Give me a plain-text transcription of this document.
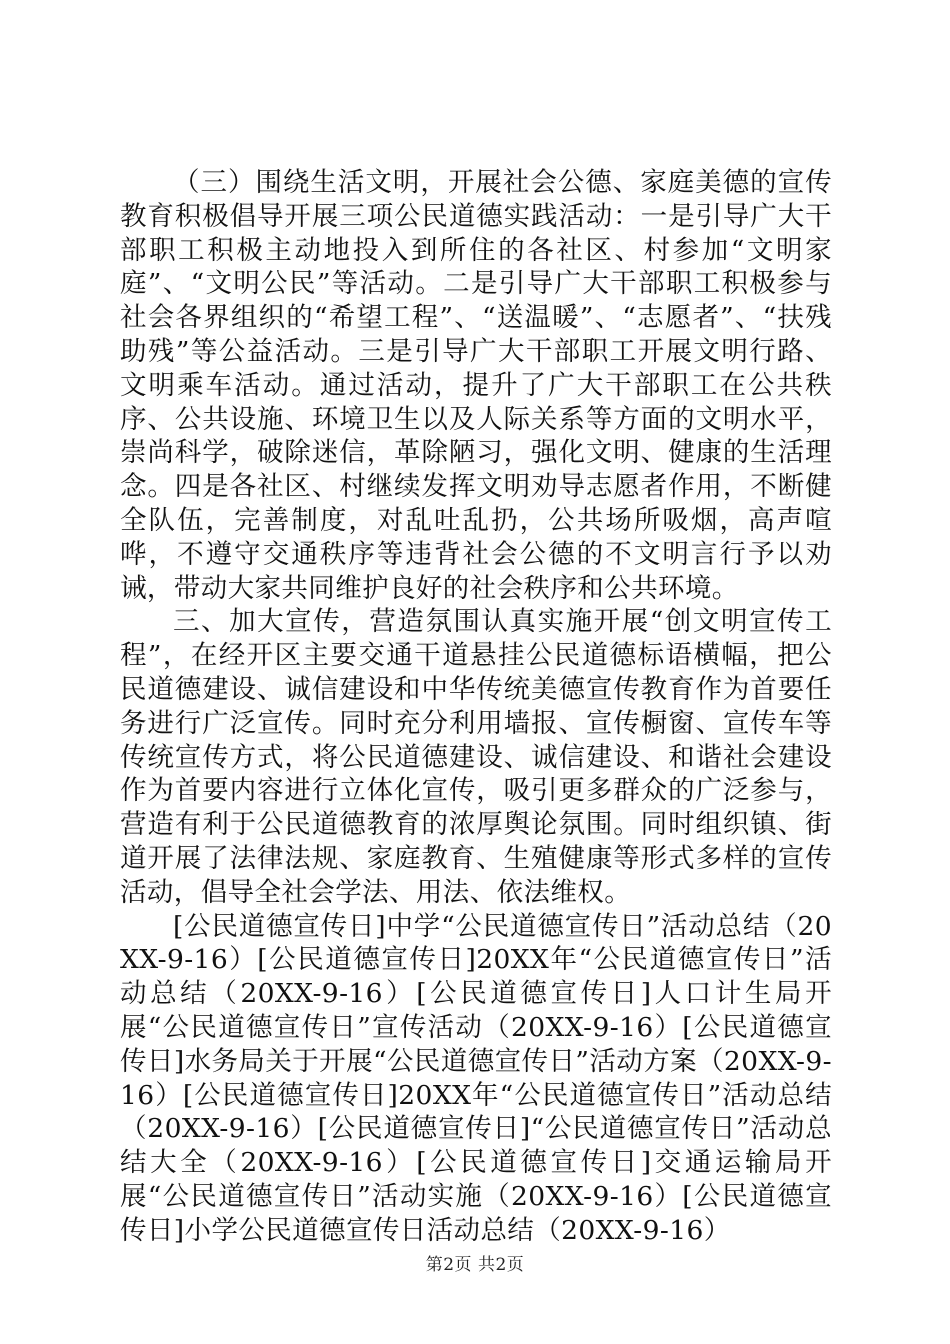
（三）围绕生活文明，开展社会公德、家庭美德的宣传教育积极倡导开展三项公民道德实践活动：一是引导广大干部职工积极主动地投入到所住的各社区、村参加“文明家庭”、“文明公民”等活动。二是引导广大干部职工积极参与社会各界组织的“希望工程”、“送温暖”、“志愿者”、“扶残助残”等公益活动。三是引导广大干部职工开展文明行路、文明乘车活动。通过活动，提升了广大干部职工在公共秩序、公共设施、环境卫生以及人际关系等方面的文明水平，崇尚科学，破除迷信，革除陋习，强化文明、健康的生活理念。四是各社区、村继续发挥文明劝导志愿者作用，不断健全队伍，完善制度，对乱吐乱扔，公共场所吸烟，高声喧哗，不遵守交通秩序等违背社会公德的不文明言行予以劝诫，带动大家共同维护良好的社会秩序和公共环境。

三、加大宣传，营造氛围认真实施开展“创文明宣传工程”，在经开区主要交通干道悬挂公民道德标语横幅，把公民道德建设、诚信建设和中华传统美德宣传教育作为首要任务进行广泛宣传。同时充分利用墙报、宣传橱窗、宣传车等传统宣传方式，将公民道德建设、诚信建设、和谐社会建设作为首要内容进行立体化宣传，吸引更多群众的广泛参与，营造有利于公民道德教育的浓厚舆论氛围。同时组织镇、街道开展了法律法规、家庭教育、生殖健康等形式多样的宣传活动，倡导全社会学法、用法、依法维权。

[公民道德宣传日]中学“公民道德宣传日”活动总结（20XX-9-16）[公民道德宣传日]20XX年“公民道德宣传日”活动总结（20XX-9-16）[公民道德宣传日]人口计生局开展“公民道德宣传日”宣传活动（20XX-9-16）[公民道德宣传日]水务局关于开展“公民道德宣传日”活动方案（20XX-9-16）[公民道德宣传日]20XX年“公民道德宣传日”活动总结（20XX-9-16）[公民道德宣传日]“公民道德宣传日”活动总结大全（20XX-9-16）[公民道德宣传日]交通运输局开展“公民道德宣传日”活动实施（20XX-9-16）[公民道德宣传日]小学公民道德宣传日活动总结（20XX-9-16）

第2页 共2页
